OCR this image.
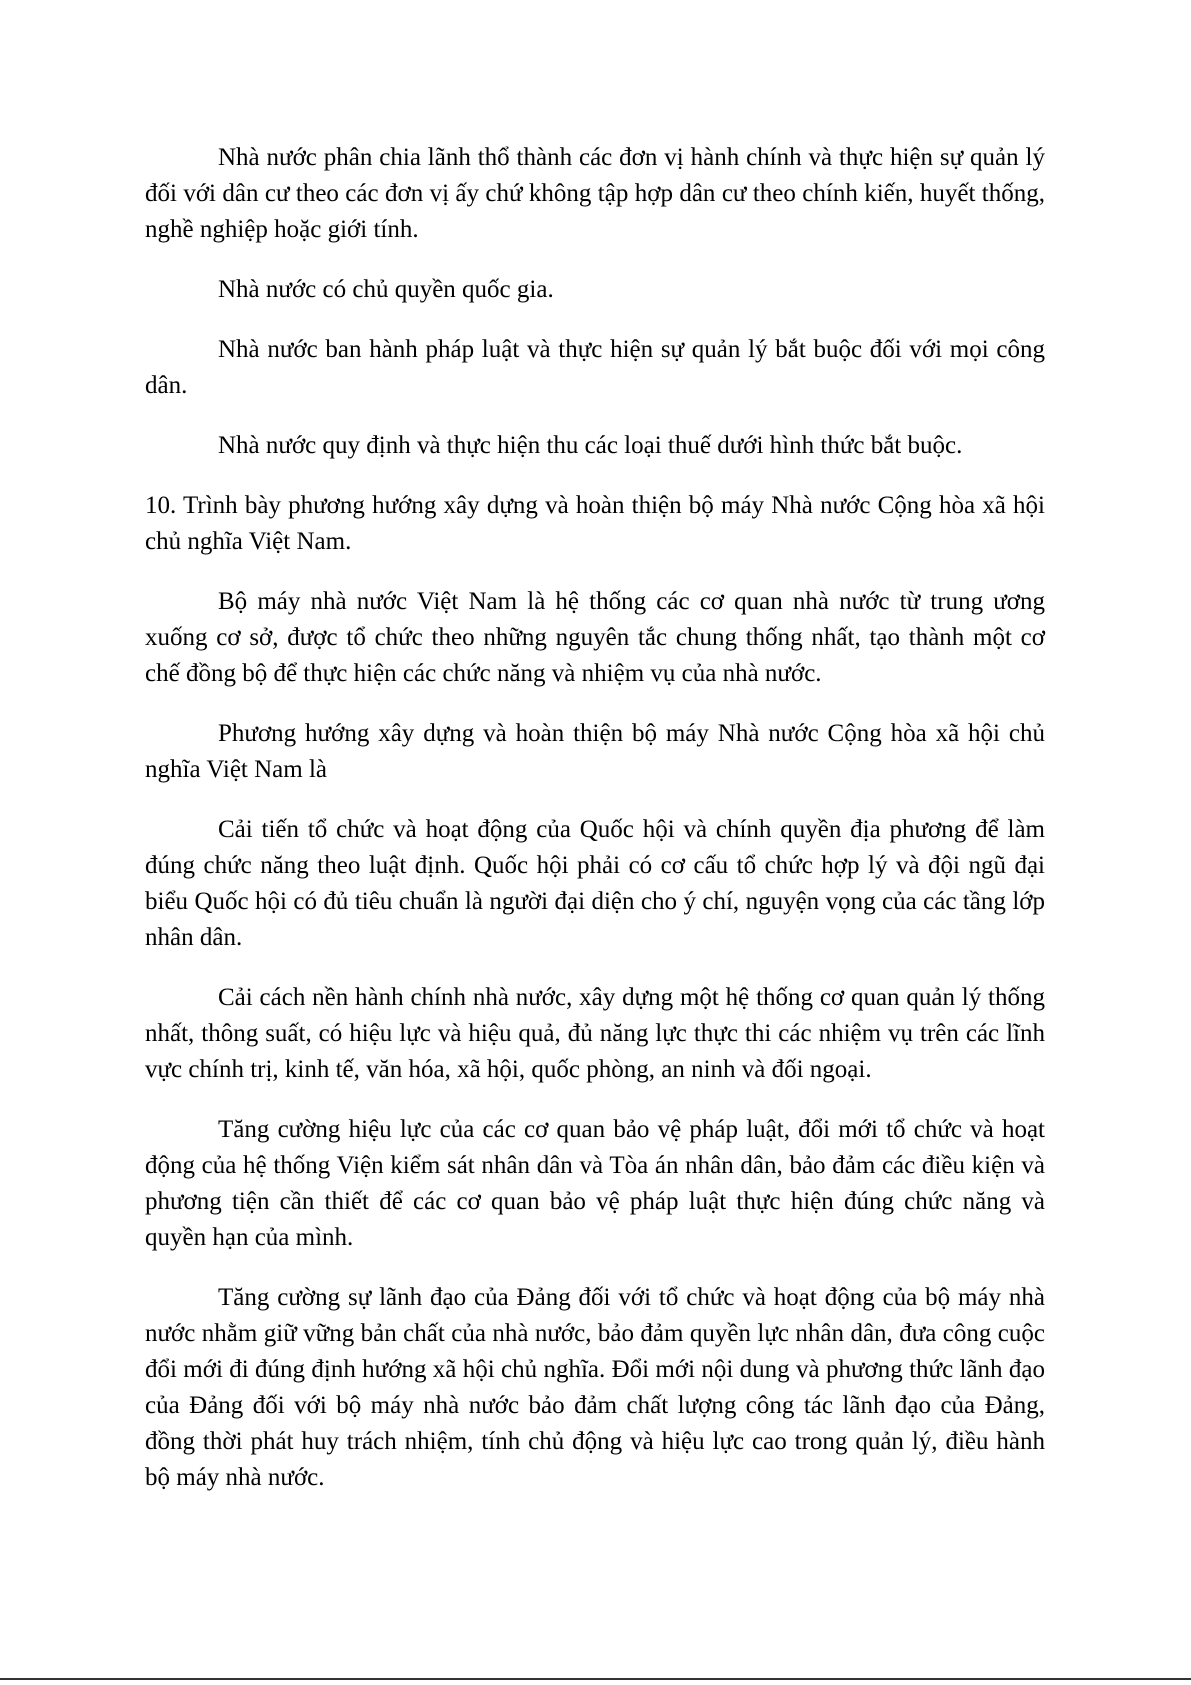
Nhà nước phân chia lãnh thổ thành các đơn vị hành chính và thực hiện sự quản lý đối với dân cư theo các đơn vị ấy chứ không tập hợp dân cư theo chính kiến, huyết thống, nghề nghiệp hoặc giới tính.

Nhà nước có chủ quyền quốc gia.

Nhà nước ban hành pháp luật và thực hiện sự quản lý bắt buộc đối với mọi công dân.

Nhà nước quy định và thực hiện thu các loại thuế dưới hình thức bắt buộc.

10. Trình bày phương hướng xây dựng và hoàn thiện bộ máy Nhà nước Cộng hòa xã hội chủ nghĩa Việt Nam.

Bộ máy nhà nước Việt Nam là hệ thống các cơ quan nhà nước từ trung ương xuống cơ sở, được tổ chức theo những nguyên tắc chung thống nhất, tạo thành một cơ chế đồng bộ để thực hiện các chức năng và nhiệm vụ của nhà nước.

Phương hướng xây dựng và hoàn thiện bộ máy Nhà nước Cộng hòa xã hội chủ nghĩa Việt Nam là

Cải tiến tổ chức và hoạt động của Quốc hội và chính quyền địa phương để làm đúng chức năng theo luật định. Quốc hội phải có cơ cấu tổ chức hợp lý và đội ngũ đại biểu Quốc hội có đủ tiêu chuẩn là người đại diện cho ý chí, nguyện vọng của các tầng lớp nhân dân.

Cải cách nền hành chính nhà nước, xây dựng một hệ thống cơ quan quản lý thống nhất, thông suất, có hiệu lực và hiệu quả, đủ năng lực thực thi các nhiệm vụ trên các lĩnh vực chính trị, kinh tế, văn hóa, xã hội, quốc phòng, an ninh và đối ngoại.

Tăng cường hiệu lực của các cơ quan bảo vệ pháp luật, đổi mới tổ chức và hoạt động của hệ thống Viện kiểm sát nhân dân và Tòa án nhân dân, bảo đảm các điều kiện và phương tiện cần thiết để các cơ quan bảo vệ pháp luật thực hiện đúng chức năng và quyền hạn của mình.

Tăng cường sự lãnh đạo của Đảng đối với tổ chức và hoạt động của bộ máy nhà nước nhằm giữ vững bản chất của nhà nước, bảo đảm quyền lực nhân dân, đưa công cuộc đổi mới đi đúng định hướng xã hội chủ nghĩa. Đổi mới nội dung và phương thức lãnh đạo của Đảng đối với bộ máy nhà nước bảo đảm chất lượng công tác lãnh đạo của Đảng, đồng thời phát huy trách nhiệm, tính chủ động và hiệu lực cao trong quản lý, điều hành bộ máy nhà nước.
